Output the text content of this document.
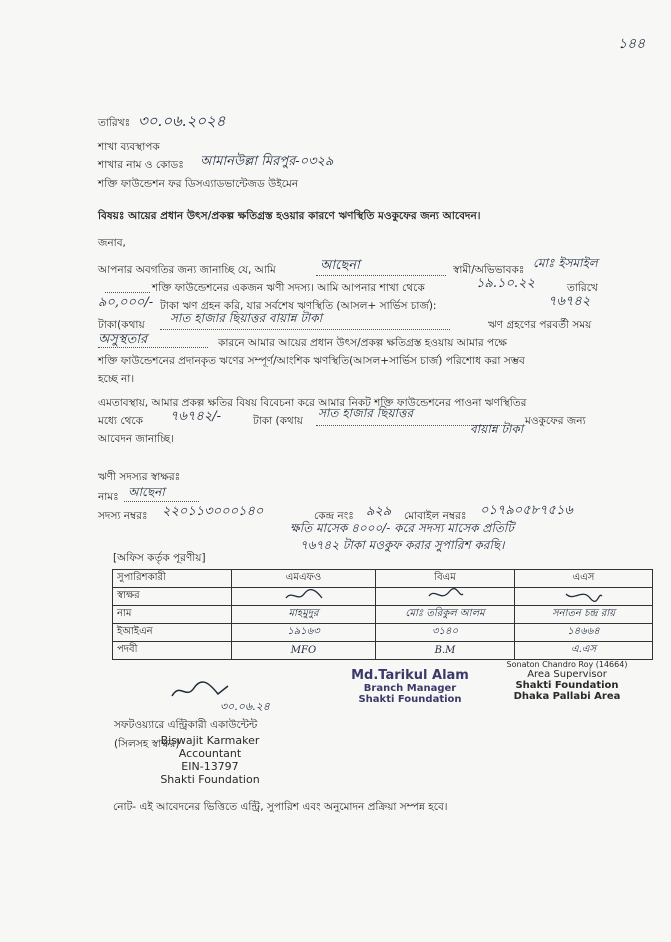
১৪৪
তারিখঃ ৩০.০৬.২০২৪
শাখা ব্যবস্থাপক
শাখার নাম ও কোডঃ আমানউল্লা মিরপুর-০৩২৯
শক্তি ফাউন্ডেশন ফর ডিসএ্যাডভান্টেজড উইমেন
বিষয়ঃ আয়ের প্রধান উৎস/প্রকল্প ক্ষতিগ্রস্ত হওয়ার কারণে ঋণস্থিতি মওকুফের জন্য আবেদন।
জনাব,
আপনার অবগতির জন্য জানাচ্ছি যে, আমি	আছেনা	স্বামী/অভিভাবকঃ মোঃ ইসমাইল
শক্তি ফাউন্ডেশনের একজন ঋণী সদস্য। আমি আপনার শাখা থেকে	১৯.১০.২২	তারিখে
৯০,০০০/- টাকা ঋণ গ্রহন করি, যার সর্বশেষ ঋণস্থিতি (আসল+ সার্ভিস চার্জ):	৭৬৭৪২
টাকা(কথায় সাত হাজার ছিয়াত্তর বায়ান্ন টাকা	ঋণ গ্রহণের পরবর্তী সময়
অসুস্থতার	কারনে আমার আয়ের প্রধান উৎস/প্রকল্প ক্ষতিগ্রস্ত হওয়ায় আমার পক্ষে
শক্তি ফাউন্ডেশনের প্রদানকৃত ঋণের সম্পূর্ণ/আংশিক ঋণস্থিতি(আসল+সার্ভিস চার্জ) পরিশোধ করা সম্ভব
হচ্ছে না।
এমতাবস্থায়, আমার প্রকল্প ক্ষতির বিষয় বিবেচনা করে আমার নিকট শক্তি ফাউন্ডেশনের পাওনা ঋণস্থিতির
মধ্যে থেকে ৭৬৭৪২/-	টাকা (কথায়
সাত হাজার ছিয়াত্তর
বায়ান্ন টাকা
মওকুফের জন্য
আবেদন জানাচ্ছি।
ঋণী সদস্যর স্বাক্ষরঃ
নামঃ আছেনা
সদস্য নম্বরঃ ২২০১১৩০০০১৪০	কেন্দ্র নংঃ ৯২৯ মোবাইল নম্বরঃ ০১৭৯০৫৮৭৫১৬
ক্ষতি মাসেক ৪০০০/- করে সদস্য মাসেক প্রতিটি
৭৬৭৪২ টাকা মওকুফ করার সুপারিশ করছি।
[অফিস কর্তৃক পূরণীয়]
সুপারিশকারী	এমএফও	বিএম	এএস
স্বাক্ষর			
নাম	মাহমুদুর	মোঃ তরিকুল আলম	সনাতন চন্দ্র রায়
ইআইএন	১৯১৬৩	৩১৪০	১৪৬৬৪
পদবী	MFO	B.M	এ.এস
Md.Tarikul Alam
Branch Manager
Shakti Foundation
Sonaton Chandro Roy (14664)
Area Supervisor
Shakti Foundation
Dhaka Pallabi Area
৩০.০৬.২৪
সফটওয়্যারে এন্ট্রিকারী একাউন্টেন্ট
(সিলসহ স্বাক্ষর)
Biswajit Karmaker
Accountant
EIN-13797
Shakti Foundation
নোট- এই আবেদনের ভিত্তিতে এন্ট্রি, সুপারিশ এবং অনুমোদন প্রক্রিয়া সম্পন্ন হবে।
